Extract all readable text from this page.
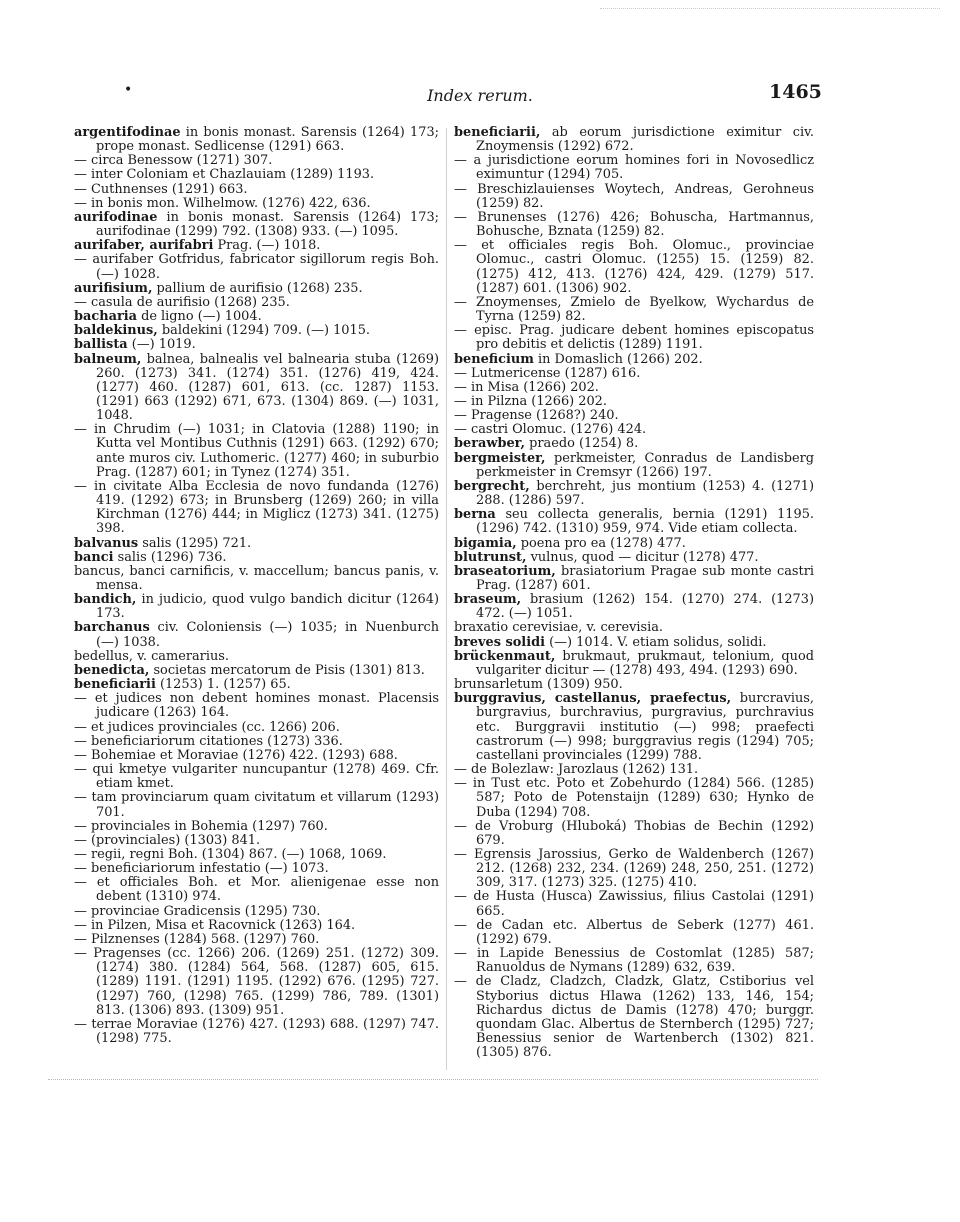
•	Index rerum.	1465

argentifodinae in bonis monast. Sarensis (1264) 173; prope monast. Sedlicense (1291) 663.

— circa Benessow (1271) 307.

— inter Coloniam et Chazlauiam (1289) 1193.

— Cuthnenses (1291) 663.

— in bonis mon. Wilhelmow. (1276) 422, 636.

aurifodinae in bonis monast. Sarensis (1264) 173; aurifodinae (1299) 792. (1308) 933. (—) 1095.

aurifaber, aurifabri Prag. (—) 1018.

— aurifaber Gotfridus, fabricator sigillorum regis Boh. (—) 1028.

aurifisium, pallium de aurifisio (1268) 235.

— casula de aurifisio (1268) 235.

bacharia de ligno (—) 1004.

baldekinus, baldekini (1294) 709. (—) 1015.

ballista (—) 1019.

balneum, balnea, balnealis vel balnearia stuba (1269) 260. (1273) 341. (1274) 351. (1276) 419, 424. (1277) 460. (1287) 601, 613. (cc. 1287) 1153. (1291) 663 (1292) 671, 673. (1304) 869. (—) 1031, 1048.

— in Chrudim (—) 1031; in Clatovia (1288) 1190; in Kutta vel Montibus Cuthnis (1291) 663. (1292) 670; ante muros civ. Luthomeric. (1277) 460; in suburbio Prag. (1287) 601; in Tynez (1274) 351.

— in civitate Alba Ecclesia de novo fundanda (1276) 419. (1292) 673; in Brunsberg (1269) 260; in villa Kirchman (1276) 444; in Miglicz (1273) 341. (1275) 398.

balvanus salis (1295) 721.

banci salis (1296) 736.

bancus, banci carnificis, v. maccellum; bancus panis, v. mensa.

bandich, in judicio, quod vulgo bandich dicitur (1264) 173.

barchanus civ. Coloniensis (—) 1035; in Nuenburch (—) 1038.

bedellus, v. camerarius.

benedicta, societas mercatorum de Pisis (1301) 813.

beneficiarii (1253) 1. (1257) 65.

— et judices non debent homines monast. Placensis judicare (1263) 164.

— et judices provinciales (cc. 1266) 206.

— beneficiariorum citationes (1273) 336.

— Bohemiae et Moraviae (1276) 422. (1293) 688.

— qui kmetye vulgariter nuncupantur (1278) 469. Cfr. etiam kmet.

— tam provinciarum quam civitatum et villarum (1293) 701.

— provinciales in Bohemia (1297) 760.

— (provinciales) (1303) 841.

— regii, regni Boh. (1304) 867. (—) 1068, 1069.

— beneficiariorum infestatio (—) 1073.

— et officiales Boh. et Mor. alienigenae esse non debent (1310) 974.

— provinciae Gradicensis (1295) 730.

— in Pilzen, Misa et Racovnick (1263) 164.

— Pilznenses (1284) 568. (1297) 760.

— Pragenses (cc. 1266) 206. (1269) 251. (1272) 309. (1274) 380. (1284) 564, 568. (1287) 605, 615. (1289) 1191. (1291) 1195. (1292) 676. (1295) 727. (1297) 760, (1298) 765. (1299) 786, 789. (1301) 813. (1306) 893. (1309) 951.

— terrae Moraviae (1276) 427. (1293) 688. (1297) 747. (1298) 775.

beneficiarii, ab eorum jurisdictione eximitur civ. Znoymensis (1292) 672.

— a jurisdictione eorum homines fori in Novosedlicz eximuntur (1294) 705.

— Breschizlauienses Woytech, Andreas, Gerohneus (1259) 82.

— Brunenses (1276) 426; Bohuscha, Hartmannus, Bohusche, Bznata (1259) 82.

— et officiales regis Boh. Olomuc., provinciae Olomuc., castri Olomuc. (1255) 15. (1259) 82. (1275) 412, 413. (1276) 424, 429. (1279) 517. (1287) 601. (1306) 902.

— Znoymenses, Zmielo de Byelkow, Wychardus de Tyrna (1259) 82.

— episc. Prag. judicare debent homines episcopatus pro debitis et delictis (1289) 1191.

beneficium in Domaslich (1266) 202.

— Lutmericense (1287) 616.

— in Misa (1266) 202.

— in Pilzna (1266) 202.

— Pragense (1268?) 240.

— castri Olomuc. (1276) 424.

berawber, praedo (1254) 8.

bergmeister, perkmeister, Conradus de Landisberg perkmeister in Cremsyr (1266) 197.

bergrecht, berchreht, jus montium (1253) 4. (1271) 288. (1286) 597.

berna seu collecta generalis, bernia (1291) 1195. (1296) 742. (1310) 959, 974. Vide etiam collecta.

bigamia, poena pro ea (1278) 477.

blutrunst, vulnus, quod — dicitur (1278) 477.

braseatorium, brasiatorium Pragae sub monte castri Prag. (1287) 601.

braseum, brasium (1262) 154. (1270) 274. (1273) 472. (—) 1051.

braxatio cerevisiae, v. cerevisia.

breves solidi (—) 1014. V. etiam solidus, solidi.

brückenmaut, brukmaut, prukmaut, telonium, quod vulgariter dicitur — (1278) 493, 494. (1293) 690.

brunsarletum (1309) 950.

burggravius, castellanus, praefectus, burcravius, burgravius, burchravius, purgravius, purchravius etc. Burggravii institutio (—) 998; praefecti castrorum (—) 998; burggravius regis (1294) 705; castellani provinciales (1299) 788.

— de Bolezlaw: Jarozlaus (1262) 131.

— in Tust etc. Poto et Zobehurdo (1284) 566. (1285) 587; Poto de Potenstaijn (1289) 630; Hynko de Duba (1294) 708.

— de Vroburg (Hluboká) Thobias de Bechin (1292) 679.

— Egrensis Jarossius, Gerko de Waldenberch (1267) 212. (1268) 232, 234. (1269) 248, 250, 251. (1272) 309, 317. (1273) 325. (1275) 410.

— de Husta (Husca) Zawissius, filius Castolai (1291) 665.

— de Cadan etc. Albertus de Seberk (1277) 461. (1292) 679.

— in Lapide Benessius de Costomlat (1285) 587; Ranuoldus de Nymans (1289) 632, 639.

— de Cladz, Cladzch, Cladzk, Glatz, Cstiborius vel Styborius dictus Hlawa (1262) 133, 146, 154; Richardus dictus de Damis (1278) 470; burggr. quondam Glac. Albertus de Sternberch (1295) 727; Benessius senior de Wartenberch (1302) 821. (1305) 876.
